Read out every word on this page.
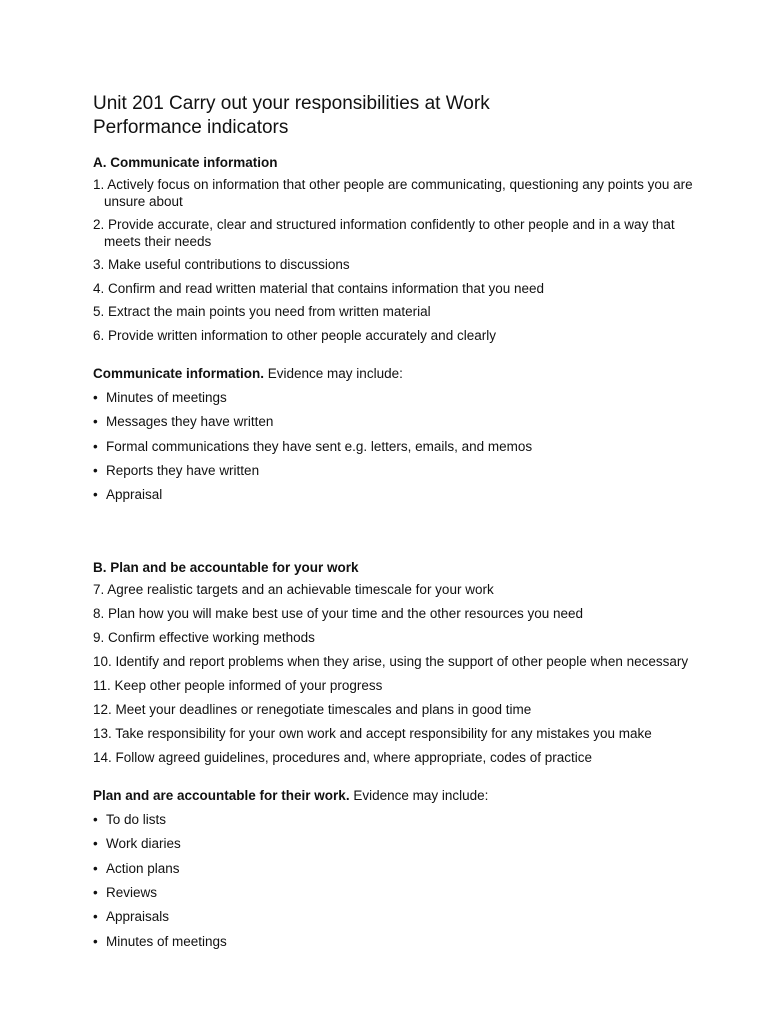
Unit 201 Carry out your responsibilities at Work
Performance indicators

A. Communicate information

1. Actively focus on information that other people are communicating, questioning any points you are unsure about

2. Provide accurate, clear and structured information confidently to other people and in a way that meets their needs

3. Make useful contributions to discussions

4. Confirm and read written material that contains information that you need

5. Extract the main points you need from written material

6. Provide written information to other people accurately and clearly

Communicate information. Evidence may include:

• Minutes of meetings

• Messages they have written

• Formal communications they have sent e.g. letters, emails, and memos

• Reports they have written

• Appraisal

B. Plan and be accountable for your work

7. Agree realistic targets and an achievable timescale for your work

8. Plan how you will make best use of your time and the other resources you need

9. Confirm effective working methods

10. Identify and report problems when they arise, using the support of other people when necessary

11. Keep other people informed of your progress

12. Meet your deadlines or renegotiate timescales and plans in good time

13. Take responsibility for your own work and accept responsibility for any mistakes you make

14. Follow agreed guidelines, procedures and, where appropriate, codes of practice

Plan and are accountable for their work. Evidence may include:

• To do lists

• Work diaries

• Action plans

• Reviews

• Appraisals

• Minutes of meetings
